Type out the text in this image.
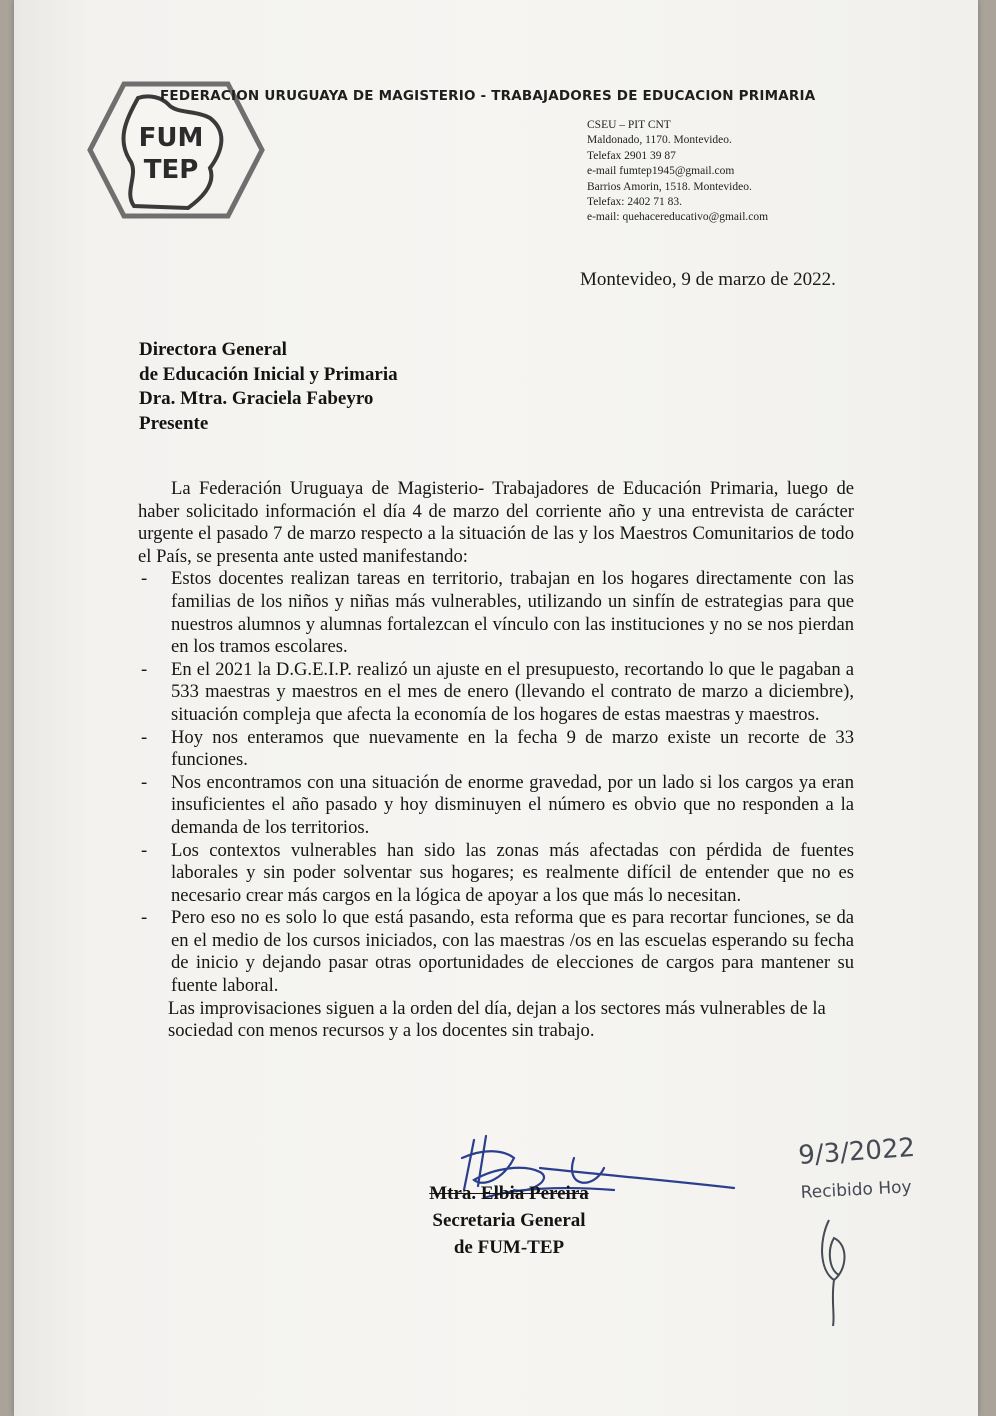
FUM
TEP
FEDERACION URUGUAYA DE MAGISTERIO - TRABAJADORES DE EDUCACION PRIMARIA
CSEU – PIT CNT
Maldonado, 1170. Montevideo.
Telefax 2901 39 87
e-mail fumtep1945@gmail.com
Barrios Amorin, 1518. Montevideo.
Telefax: 2402 71 83.
e-mail: quehacereducativo@gmail.com
Montevideo, 9 de marzo de 2022.
Directora General
de Educación Inicial y Primaria
Dra. Mtra. Graciela Fabeyro
Presente

La Federación Uruguaya de Magisterio- Trabajadores de Educación Primaria, luego de haber solicitado información el día 4 de marzo del corriente año y una entrevista de carácter urgente el pasado 7 de marzo respecto a la situación de las y los Maestros Comunitarios de todo el País, se presenta ante usted manifestando:

- Estos docentes realizan tareas en territorio, trabajan en los hogares directamente con las familias de los niños y niñas más vulnerables, utilizando un sinfín de estrategias para que nuestros alumnos y alumnas fortalezcan el vínculo con las instituciones y no se nos pierdan en los tramos escolares.
- En el 2021 la D.G.E.I.P. realizó un ajuste en el presupuesto, recortando lo que le pagaban a 533 maestras y maestros en el mes de enero (llevando el contrato de marzo a diciembre), situación compleja que afecta la economía de los hogares de estas maestras y maestros.
- Hoy nos enteramos que nuevamente en la fecha 9 de marzo existe un recorte de 33 funciones.
- Nos encontramos con una situación de enorme gravedad, por un lado si los cargos ya eran insuficientes el año pasado y hoy disminuyen el número es obvio que no responden a la demanda de los territorios.
- Los contextos vulnerables han sido las zonas más afectadas con pérdida de fuentes laborales y sin poder solventar sus hogares; es realmente difícil de entender que no es necesario crear más cargos en la lógica de apoyar a los que más lo necesitan.
- Pero eso no es solo lo que está pasando, esta reforma que es para recortar funciones, se da en el medio de los cursos iniciados, con las maestras /os en las escuelas esperando su fecha de inicio y dejando pasar otras oportunidades de elecciones de cargos para mantener su fuente laboral.

Las improvisaciones siguen a la orden del día, dejan a los sectores más vulnerables de la sociedad con menos recursos y a los docentes sin trabajo.

Mtra. Elbia Pereira
Secretaria General
de FUM-TEP
9/3/2022
Recibido Hoy
